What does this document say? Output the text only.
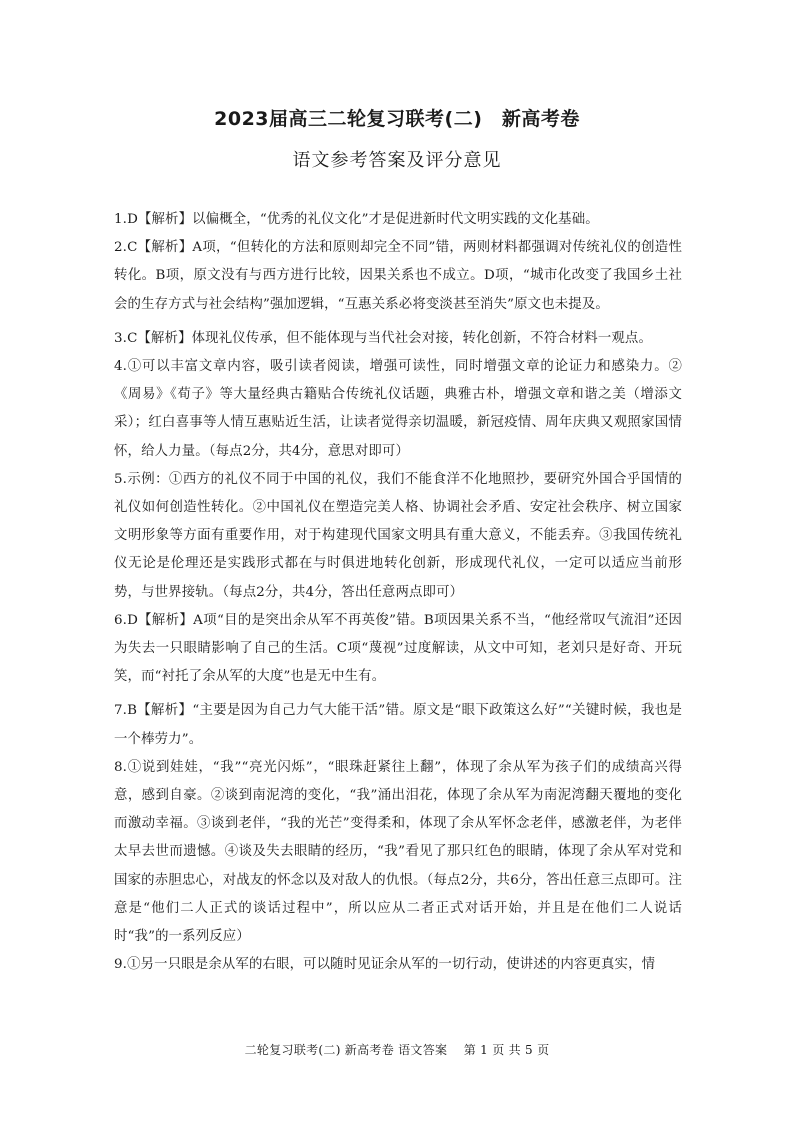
2023届高三二轮复习联考(二)　新高考卷
语文参考答案及评分意见

1.D【解析】以偏概全，“优秀的礼仪文化”才是促进新时代文明实践的文化基础。

2.C【解析】A项，“但转化的方法和原则却完全不同”错，两则材料都强调对传统礼仪的创造性转化。B项，原文没有与西方进行比较，因果关系也不成立。D项，“城市化改变了我国乡土社会的生存方式与社会结构”强加逻辑，“互惠关系必将变淡甚至消失”原文也未提及。

3.C【解析】体现礼仪传承，但不能体现与当代社会对接，转化创新，不符合材料一观点。

4.①可以丰富文章内容，吸引读者阅读，增强可读性，同时增强文章的论证力和感染力。②《周易》《荀子》等大量经典古籍贴合传统礼仪话题，典雅古朴，增强文章和谐之美（增添文采）；红白喜事等人情互惠贴近生活，让读者觉得亲切温暖，新冠疫情、周年庆典又观照家国情怀，给人力量。（每点2分，共4分，意思对即可）

5.示例：①西方的礼仪不同于中国的礼仪，我们不能食洋不化地照抄，要研究外国合乎国情的礼仪如何创造性转化。②中国礼仪在塑造完美人格、协调社会矛盾、安定社会秩序、树立国家文明形象等方面有重要作用，对于构建现代国家文明具有重大意义，不能丢弃。③我国传统礼仪无论是伦理还是实践形式都在与时俱进地转化创新，形成现代礼仪，一定可以适应当前形势，与世界接轨。（每点2分，共4分，答出任意两点即可）

6.D【解析】A项“目的是突出余从军不再英俊”错。B项因果关系不当，“他经常叹气流泪”还因为失去一只眼睛影响了自己的生活。C项“蔑视”过度解读，从文中可知，老刘只是好奇、开玩笑，而“衬托了余从军的大度”也是无中生有。

7.B【解析】“主要是因为自己力气大能干活”错。原文是“眼下政策这么好”“关键时候，我也是一个棒劳力”。

8.①说到娃娃，“我”“亮光闪烁”，“眼珠赶紧往上翻”，体现了余从军为孩子们的成绩高兴得意，感到自豪。②谈到南泥湾的变化，“我”涌出泪花，体现了余从军为南泥湾翻天覆地的变化而激动幸福。③谈到老伴，“我的光芒”变得柔和，体现了余从军怀念老伴，感激老伴，为老伴太早去世而遗憾。④谈及失去眼睛的经历，“我”看见了那只红色的眼睛，体现了余从军对党和国家的赤胆忠心，对战友的怀念以及对敌人的仇恨。（每点2分，共6分，答出任意三点即可。注意是“他们二人正式的谈话过程中”，所以应从二者正式对话开始，并且是在他们二人说话时“我”的一系列反应）

9.①另一只眼是余从军的右眼，可以随时见证余从军的一切行动，使讲述的内容更真实，情

二轮复习联考(二) 新高考卷 语文答案　 第 1 页 共 5 页
